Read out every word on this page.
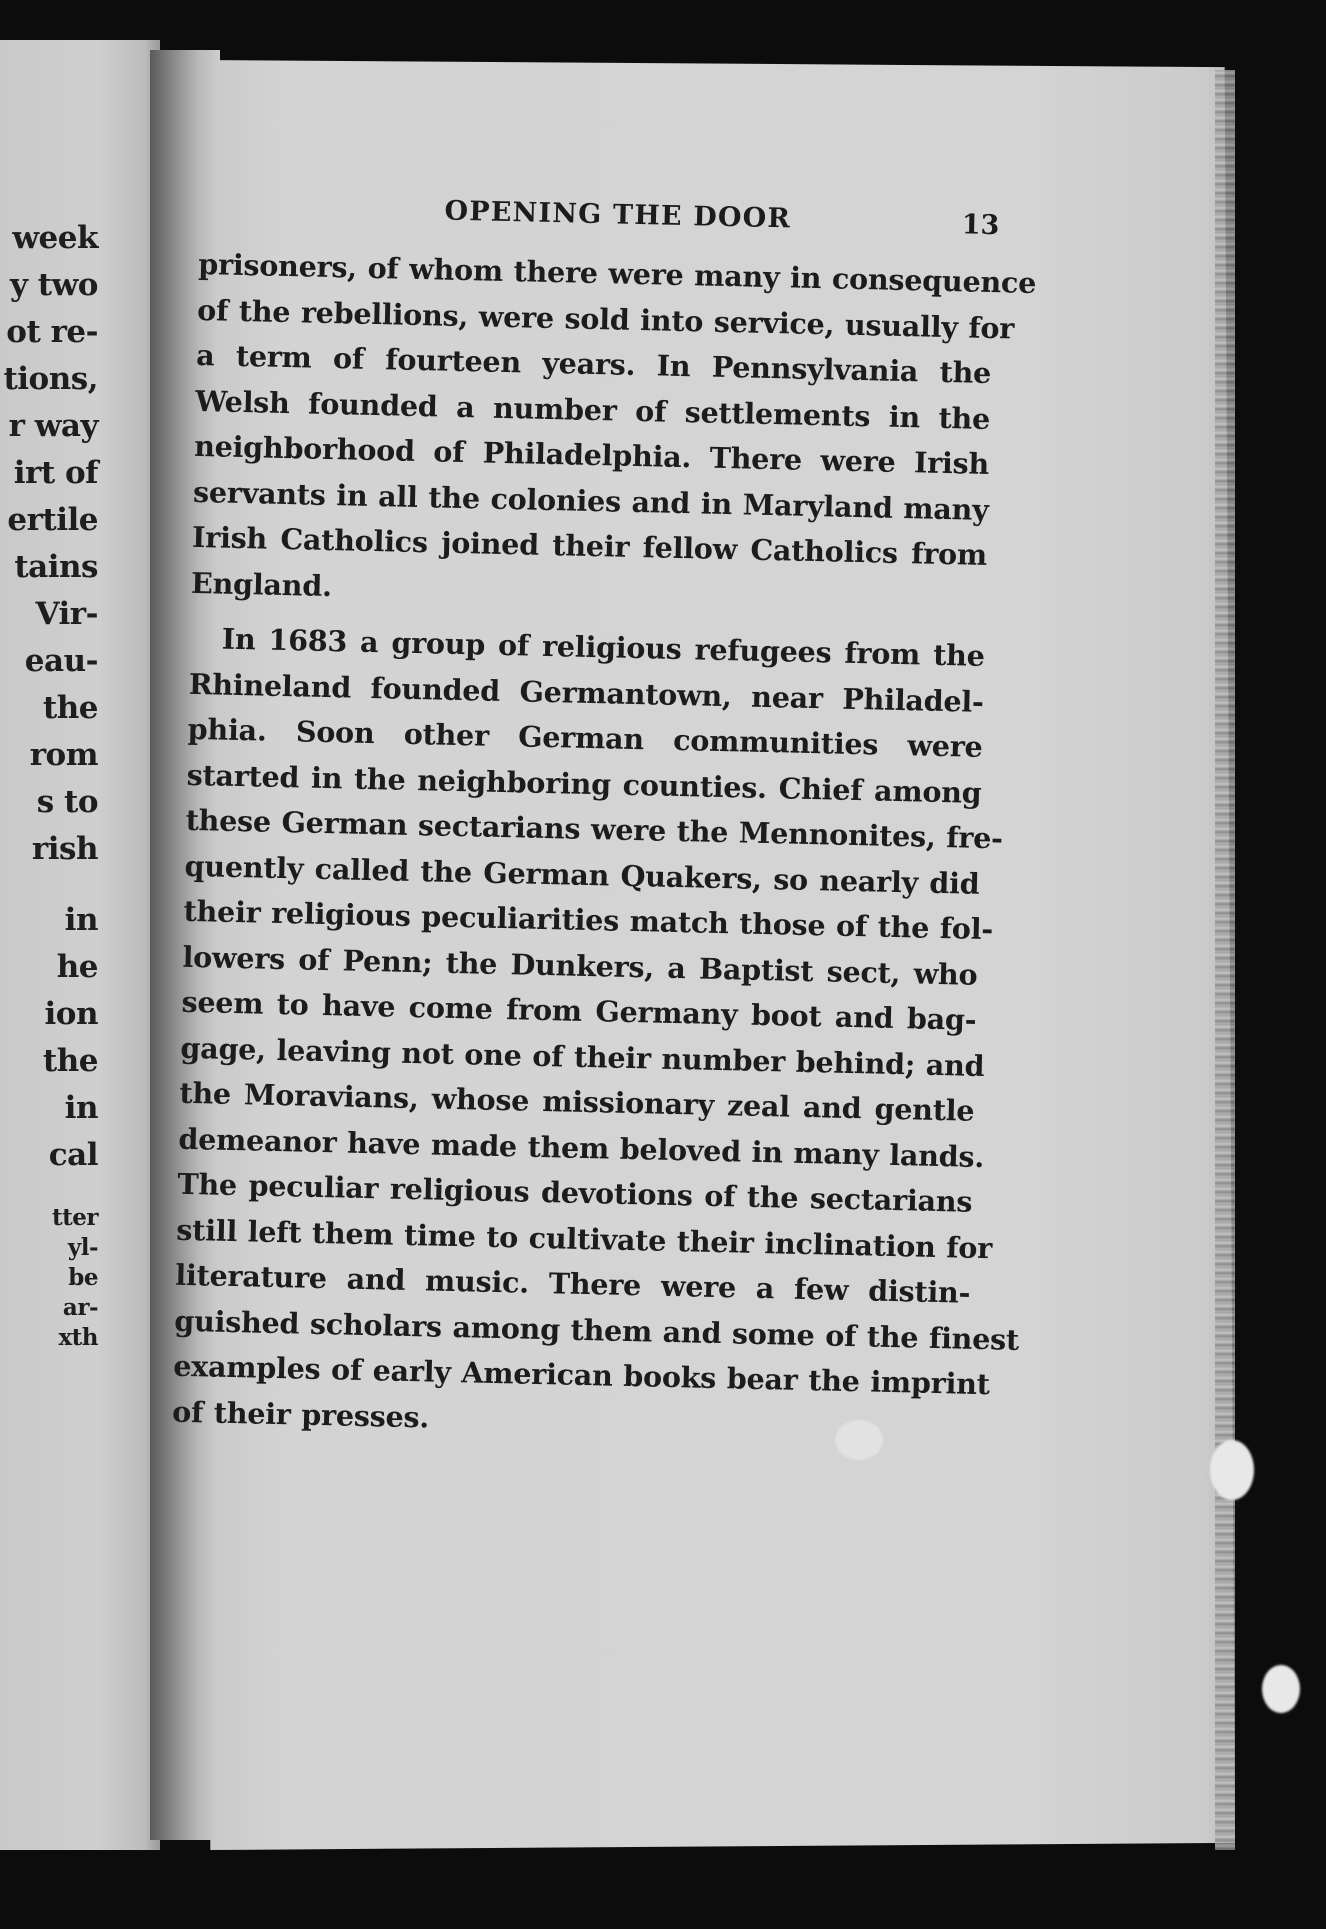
week
y two
ot re-
tions,
r way
irt of
ertile
tains
Vir-
eau-
the
rom
s to
rish
in
he
ion
the
in
cal
tter
yl-
be
ar-
xth
OPENING THE DOOR	13

prisoners, of whom there were many in consequence
of the rebellions, were sold into service, usually for
a term of fourteen years. In Pennsylvania the
Welsh founded a number of settlements in the
neighborhood of Philadelphia. There were Irish
servants in all the colonies and in Maryland many
Irish Catholics joined their fellow Catholics from
England.

In 1683 a group of religious refugees from the
Rhineland founded Germantown, near Philadel-
phia. Soon other German communities were
started in the neighboring counties. Chief among
these German sectarians were the Mennonites, fre-
quently called the German Quakers, so nearly did
their religious peculiarities match those of the fol-
lowers of Penn; the Dunkers, a Baptist sect, who
seem to have come from Germany boot and bag-
gage, leaving not one of their number behind; and
the Moravians, whose missionary zeal and gentle
demeanor have made them beloved in many lands.
The peculiar religious devotions of the sectarians
still left them time to cultivate their inclination for
literature and music. There were a few distin-
guished scholars among them and some of the finest
examples of early American books bear the imprint
of their presses.
